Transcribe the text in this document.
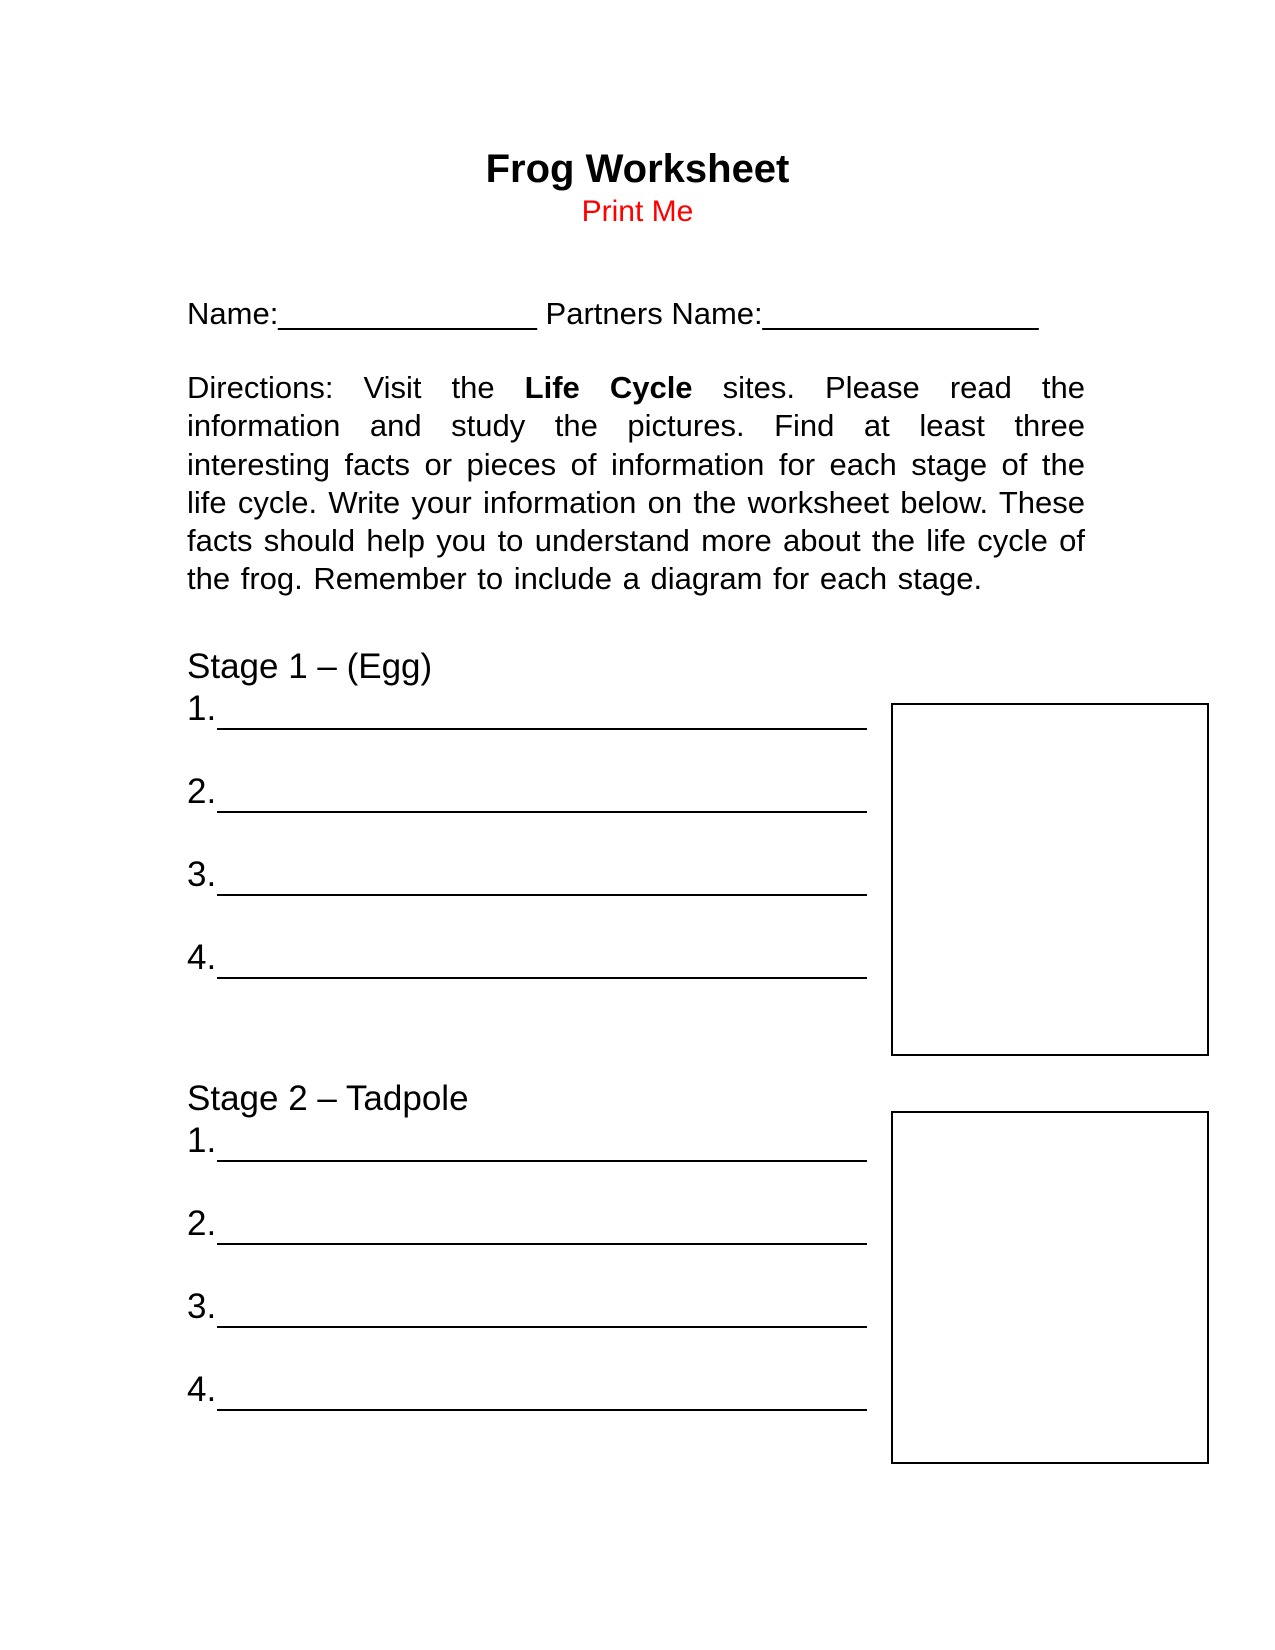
Frog Worksheet
Print Me
Name:_______________ Partners Name:________________

Directions: Visit the Life Cycle sites. Please read the information and study the pictures. Find at least three interesting facts or pieces of information for each stage of the life cycle. Write your information on the worksheet below. These facts should help you to understand more about the life cycle of the frog. Remember to include a diagram for each stage.

Stage 1 – (Egg)
1.
2.
3.
4.
Stage 2 – Tadpole
1.
2.
3.
4.
